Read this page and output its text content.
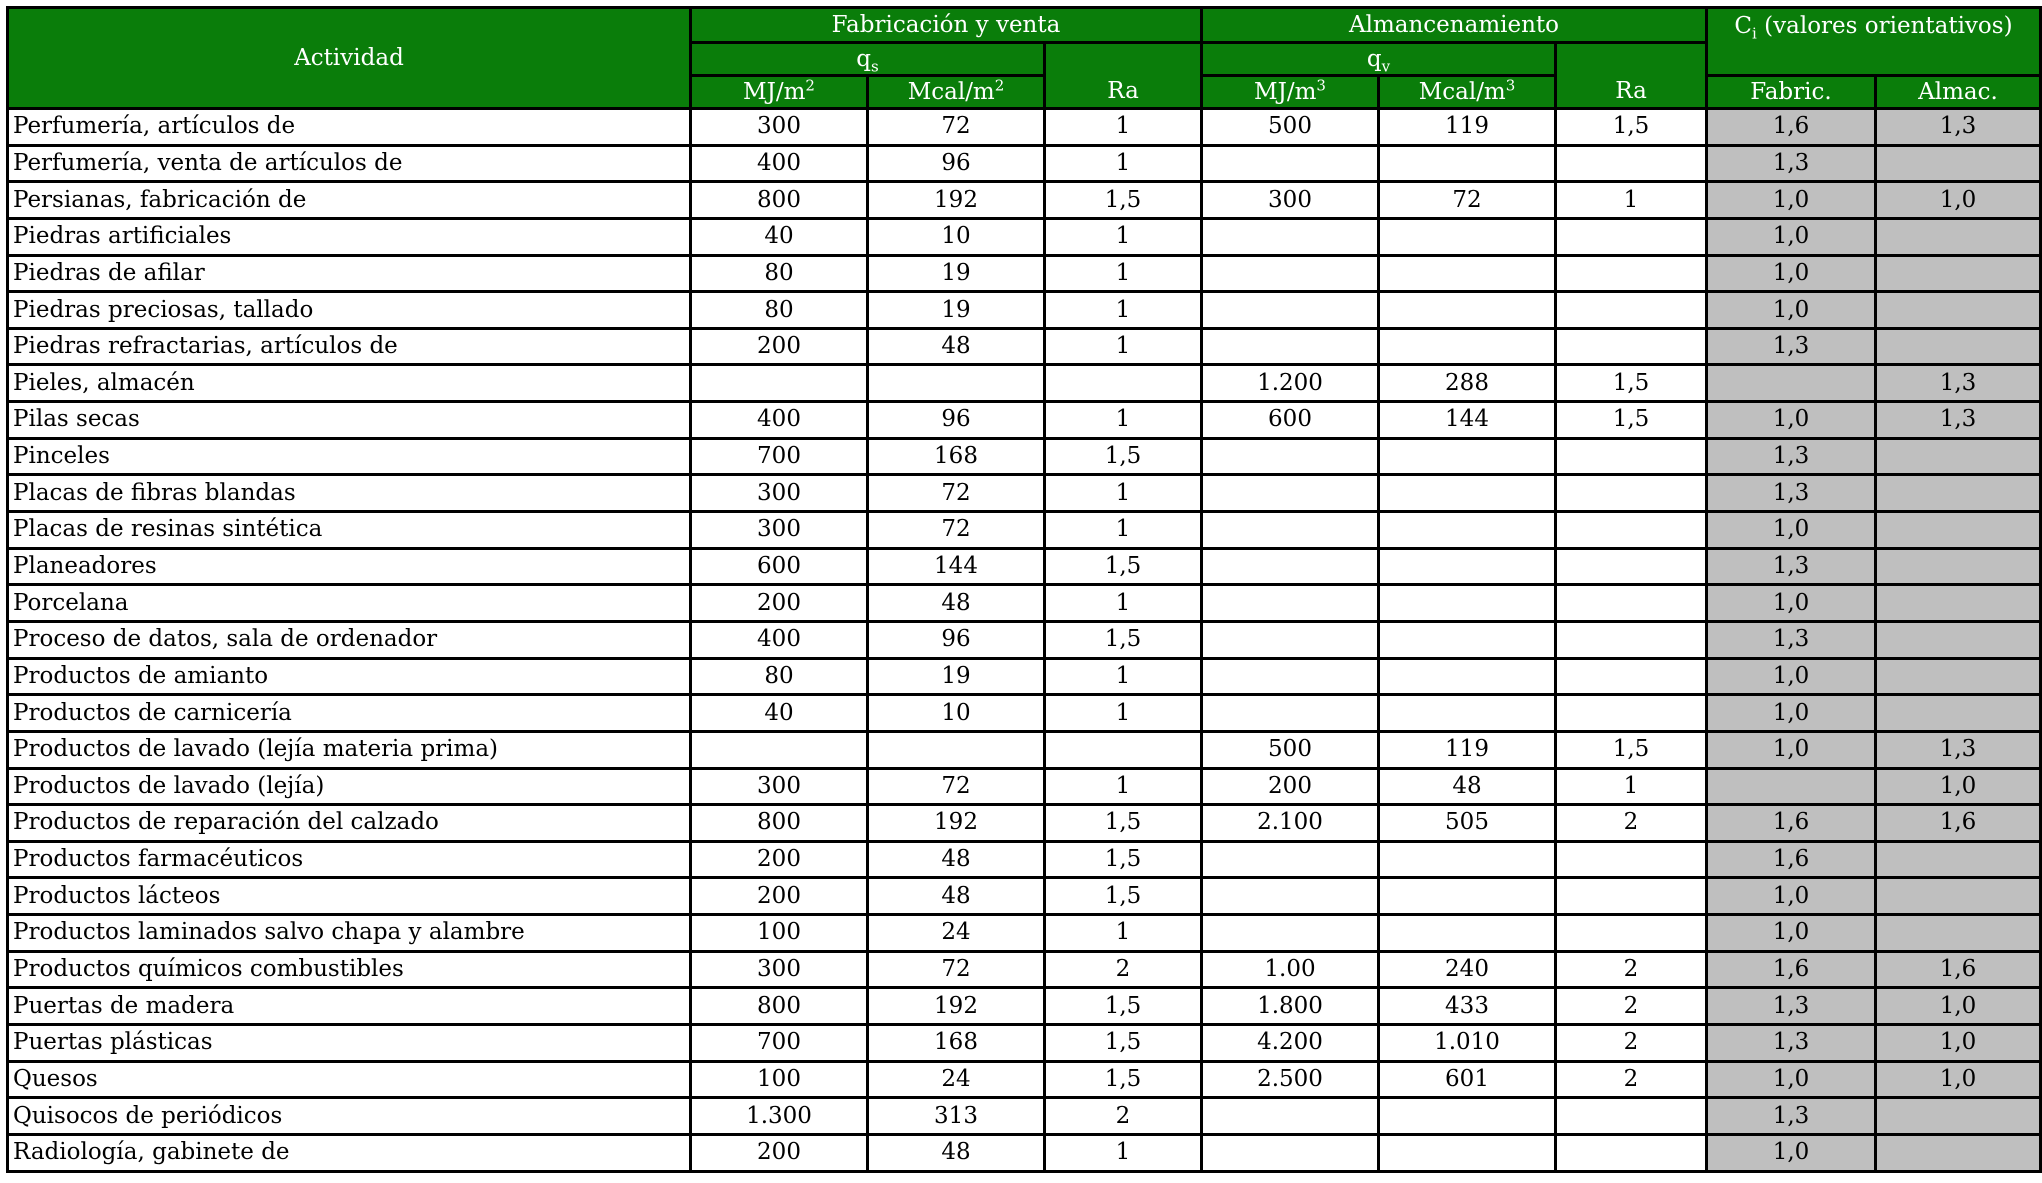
Actividad	Fabricación y venta			Almancenamiento			$C_i$ (valores orientativos)	
	$q_s$		Ra	$q_v$		Ra		
	$MJ/m^2$	Mcal/$m^2$		$MJ/m^3$	Mcal/$m^3$		Fabric.	Almac.
Perfumería, artículos de	300	72	1	500	119	1,5	1,6	1,3
Perfumería, venta de artículos de	400	96	1				1,3	
Persianas, fabricación de	800	192	1,5	300	72	1	1,0	1,0
Piedras artificiales	40	10	1				1,0	
Piedras de afilar	80	19	1				1,0	
Piedras preciosas, tallado	80	19	1				1,0	
Piedras refractarias, artículos de	200	48	1				1,3	
Pieles, almacén				1.200	288	1,5		1,3
Pilas secas	400	96	1	600	144	1,5	1,0	1,3
Pinceles	700	168	1,5				1,3	
Placas de fibras blandas	300	72	1				1,3	
Placas de resinas sintética	300	72	1				1,0	
Planeadores	600	144	1,5				1,3	
Porcelana	200	48	1				1,0	
Proceso de datos, sala de ordenador	400	96	1,5				1,3	
Productos de amianto	80	19	1				1,0	
Productos de carnicería	40	10	1				1,0	
Productos de lavado (lejía materia prima)				500	119	1,5	1,0	1,3
Productos de lavado (lejía)	300	72	1	200	48	1		1,0
Productos de reparación del calzado	800	192	1,5	2.100	505	2	1,6	1,6
Productos farmacéuticos	200	48	1,5				1,6	
Productos lácteos	200	48	1,5				1,0	
Productos laminados salvo chapa y alambre	100	24	1				1,0	
Productos químicos combustibles	300	72	2	1.00	240	2	1,6	1,6
Puertas de madera	800	192	1,5	1.800	433	2	1,3	1,0
Puertas plásticas	700	168	1,5	4.200	1.010	2	1,3	1,0
Quesos	100	24	1,5	2.500	601	2	1,0	1,0
Quisocos de periódicos	1.300	313	2				1,3	
Radiología, gabinete de	200	48	1				1,0	
